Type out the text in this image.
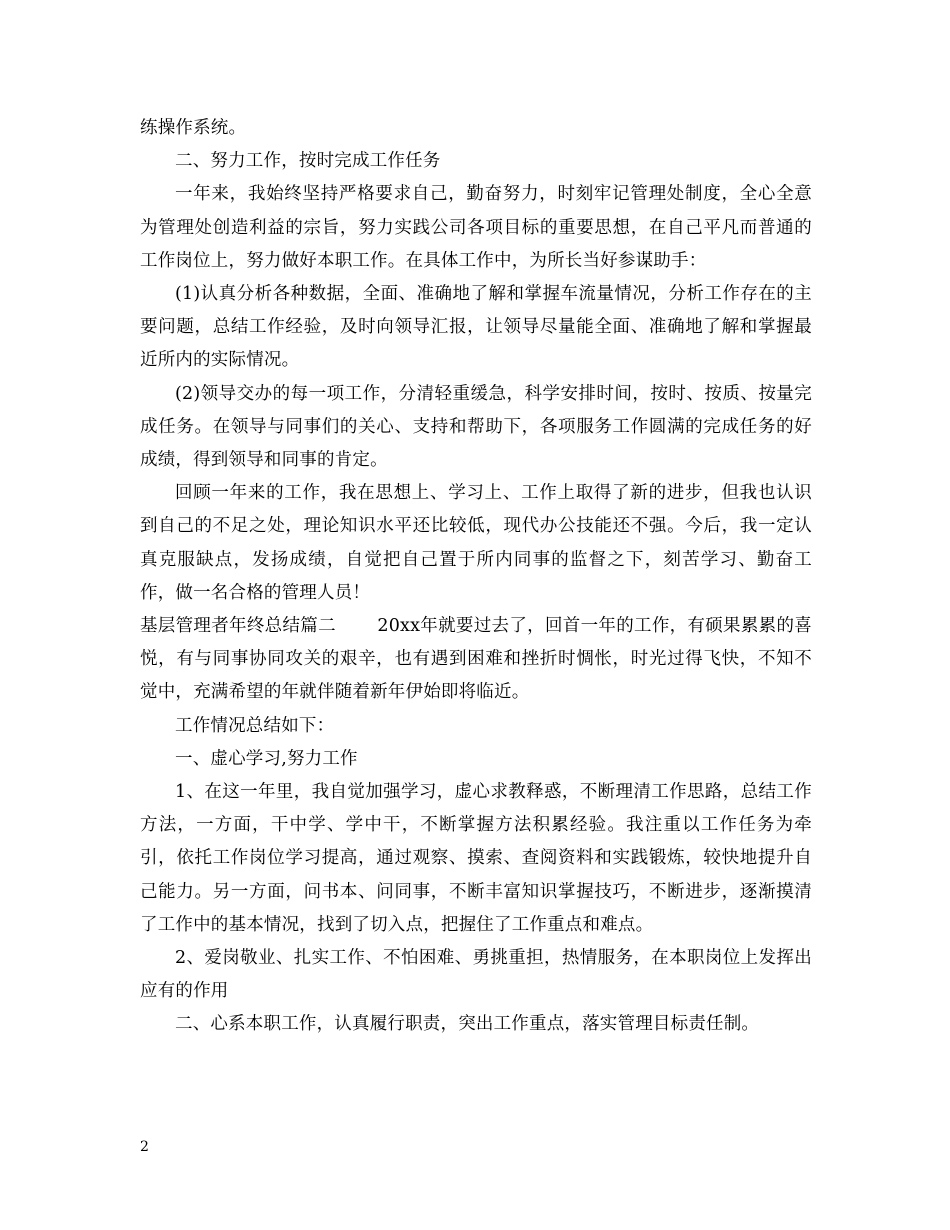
练操作系统。

二、努力工作，按时完成工作任务

一年来，我始终坚持严格要求自己，勤奋努力，时刻牢记管理处制度，全心全意为管理处创造利益的宗旨，努力实践公司各项目标的重要思想，在自己平凡而普通的工作岗位上，努力做好本职工作。在具体工作中，为所长当好参谋助手：

(1)认真分析各种数据，全面、准确地了解和掌握车流量情况，分析工作存在的主要问题，总结工作经验，及时向领导汇报，让领导尽量能全面、准确地了解和掌握最近所内的实际情况。

(2)领导交办的每一项工作，分清轻重缓急，科学安排时间，按时、按质、按量完成任务。在领导与同事们的关心、支持和帮助下，各项服务工作圆满的完成任务的好成绩，得到领导和同事的肯定。

回顾一年来的工作，我在思想上、学习上、工作上取得了新的进步，但我也认识到自己的不足之处，理论知识水平还比较低，现代办公技能还不强。今后，我一定认真克服缺点，发扬成绩，自觉把自己置于所内同事的监督之下，刻苦学习、勤奋工作，做一名合格的管理人员！

基层管理者年终总结篇二　　 20xx年就要过去了，回首一年的工作，有硕果累累的喜悦，有与同事协同攻关的艰辛，也有遇到困难和挫折时惆怅，时光过得飞快，不知不觉中，充满希望的年就伴随着新年伊始即将临近。

工作情况总结如下：

一、虚心学习,努力工作

1、在这一年里，我自觉加强学习，虚心求教释惑，不断理清工作思路，总结工作方法，一方面，干中学、学中干，不断掌握方法积累经验。我注重以工作任务为牵引，依托工作岗位学习提高，通过观察、摸索、查阅资料和实践锻炼，较快地提升自己能力。另一方面，问书本、问同事，不断丰富知识掌握技巧，不断进步，逐渐摸清了工作中的基本情况，找到了切入点，把握住了工作重点和难点。

2、爱岗敬业、扎实工作、不怕困难、勇挑重担，热情服务，在本职岗位上发挥出应有的作用

二、心系本职工作，认真履行职责，突出工作重点，落实管理目标责任制。

2
